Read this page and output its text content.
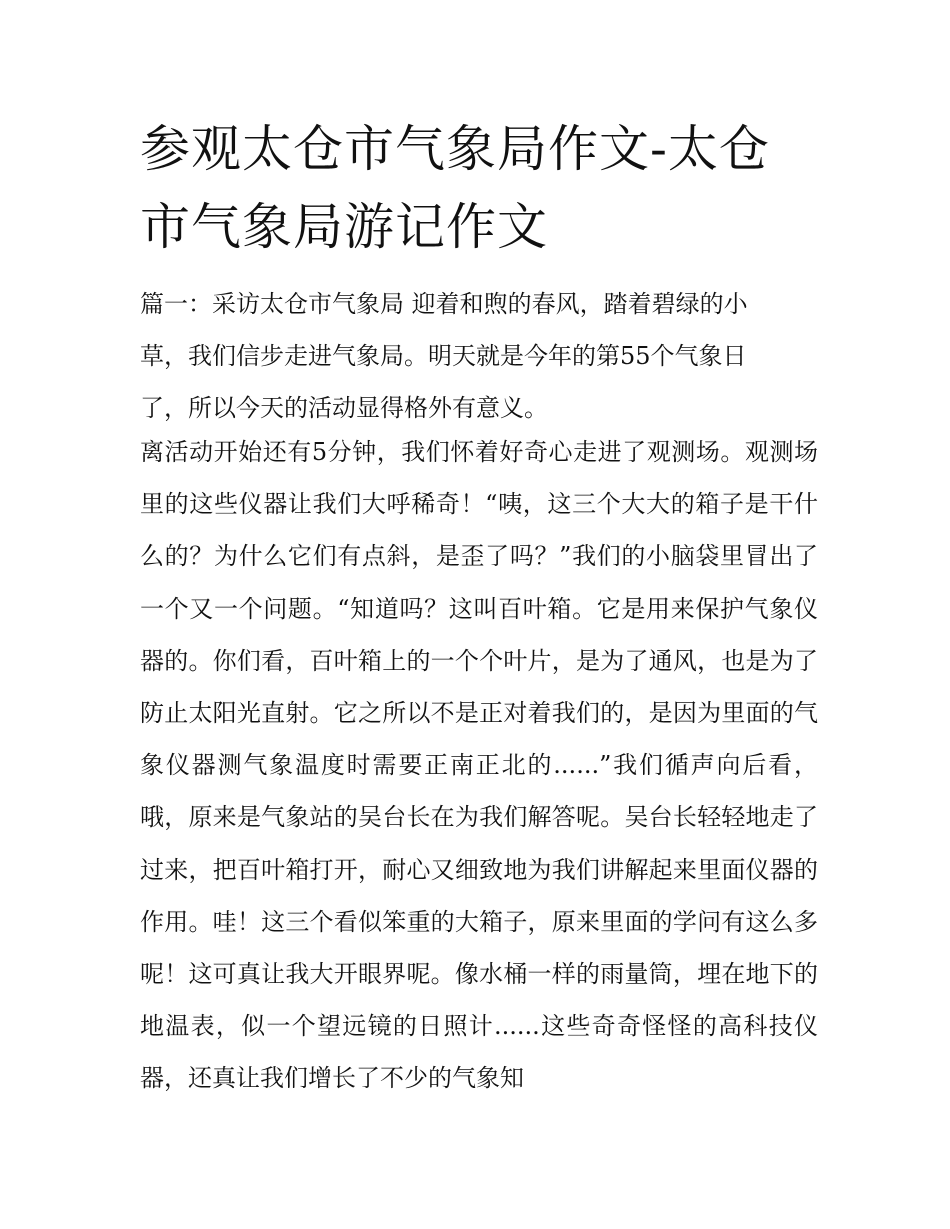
参观太仓市气象局作文-太仓市气象局游记作文

篇一：采访太仓市气象局 迎着和煦的春风，踏着碧绿的小草，我们信步走进气象局。明天就是今年的第55个气象日了，所以今天的活动显得格外有意义。

离活动开始还有5分钟，我们怀着好奇心走进了观测场。观测场里的这些仪器让我们大呼稀奇！“咦，这三个大大的箱子是干什么的？为什么它们有点斜，是歪了吗？”我们的小脑袋里冒出了一个又一个问题。“知道吗？这叫百叶箱。它是用来保护气象仪器的。你们看，百叶箱上的一个个叶片，是为了通风，也是为了防止太阳光直射。它之所以不是正对着我们的，是因为里面的气象仪器测气象温度时需要正南正北的......”我们循声向后看，哦，原来是气象站的吴台长在为我们解答呢。吴台长轻轻地走了过来，把百叶箱打开，耐心又细致地为我们讲解起来里面仪器的作用。哇！这三个看似笨重的大箱子，原来里面的学问有这么多呢！这可真让我大开眼界呢。像水桶一样的雨量筒，埋在地下的地温表，似一个望远镜的日照计......这些奇奇怪怪的高科技仪器，还真让我们增长了不少的气象知
